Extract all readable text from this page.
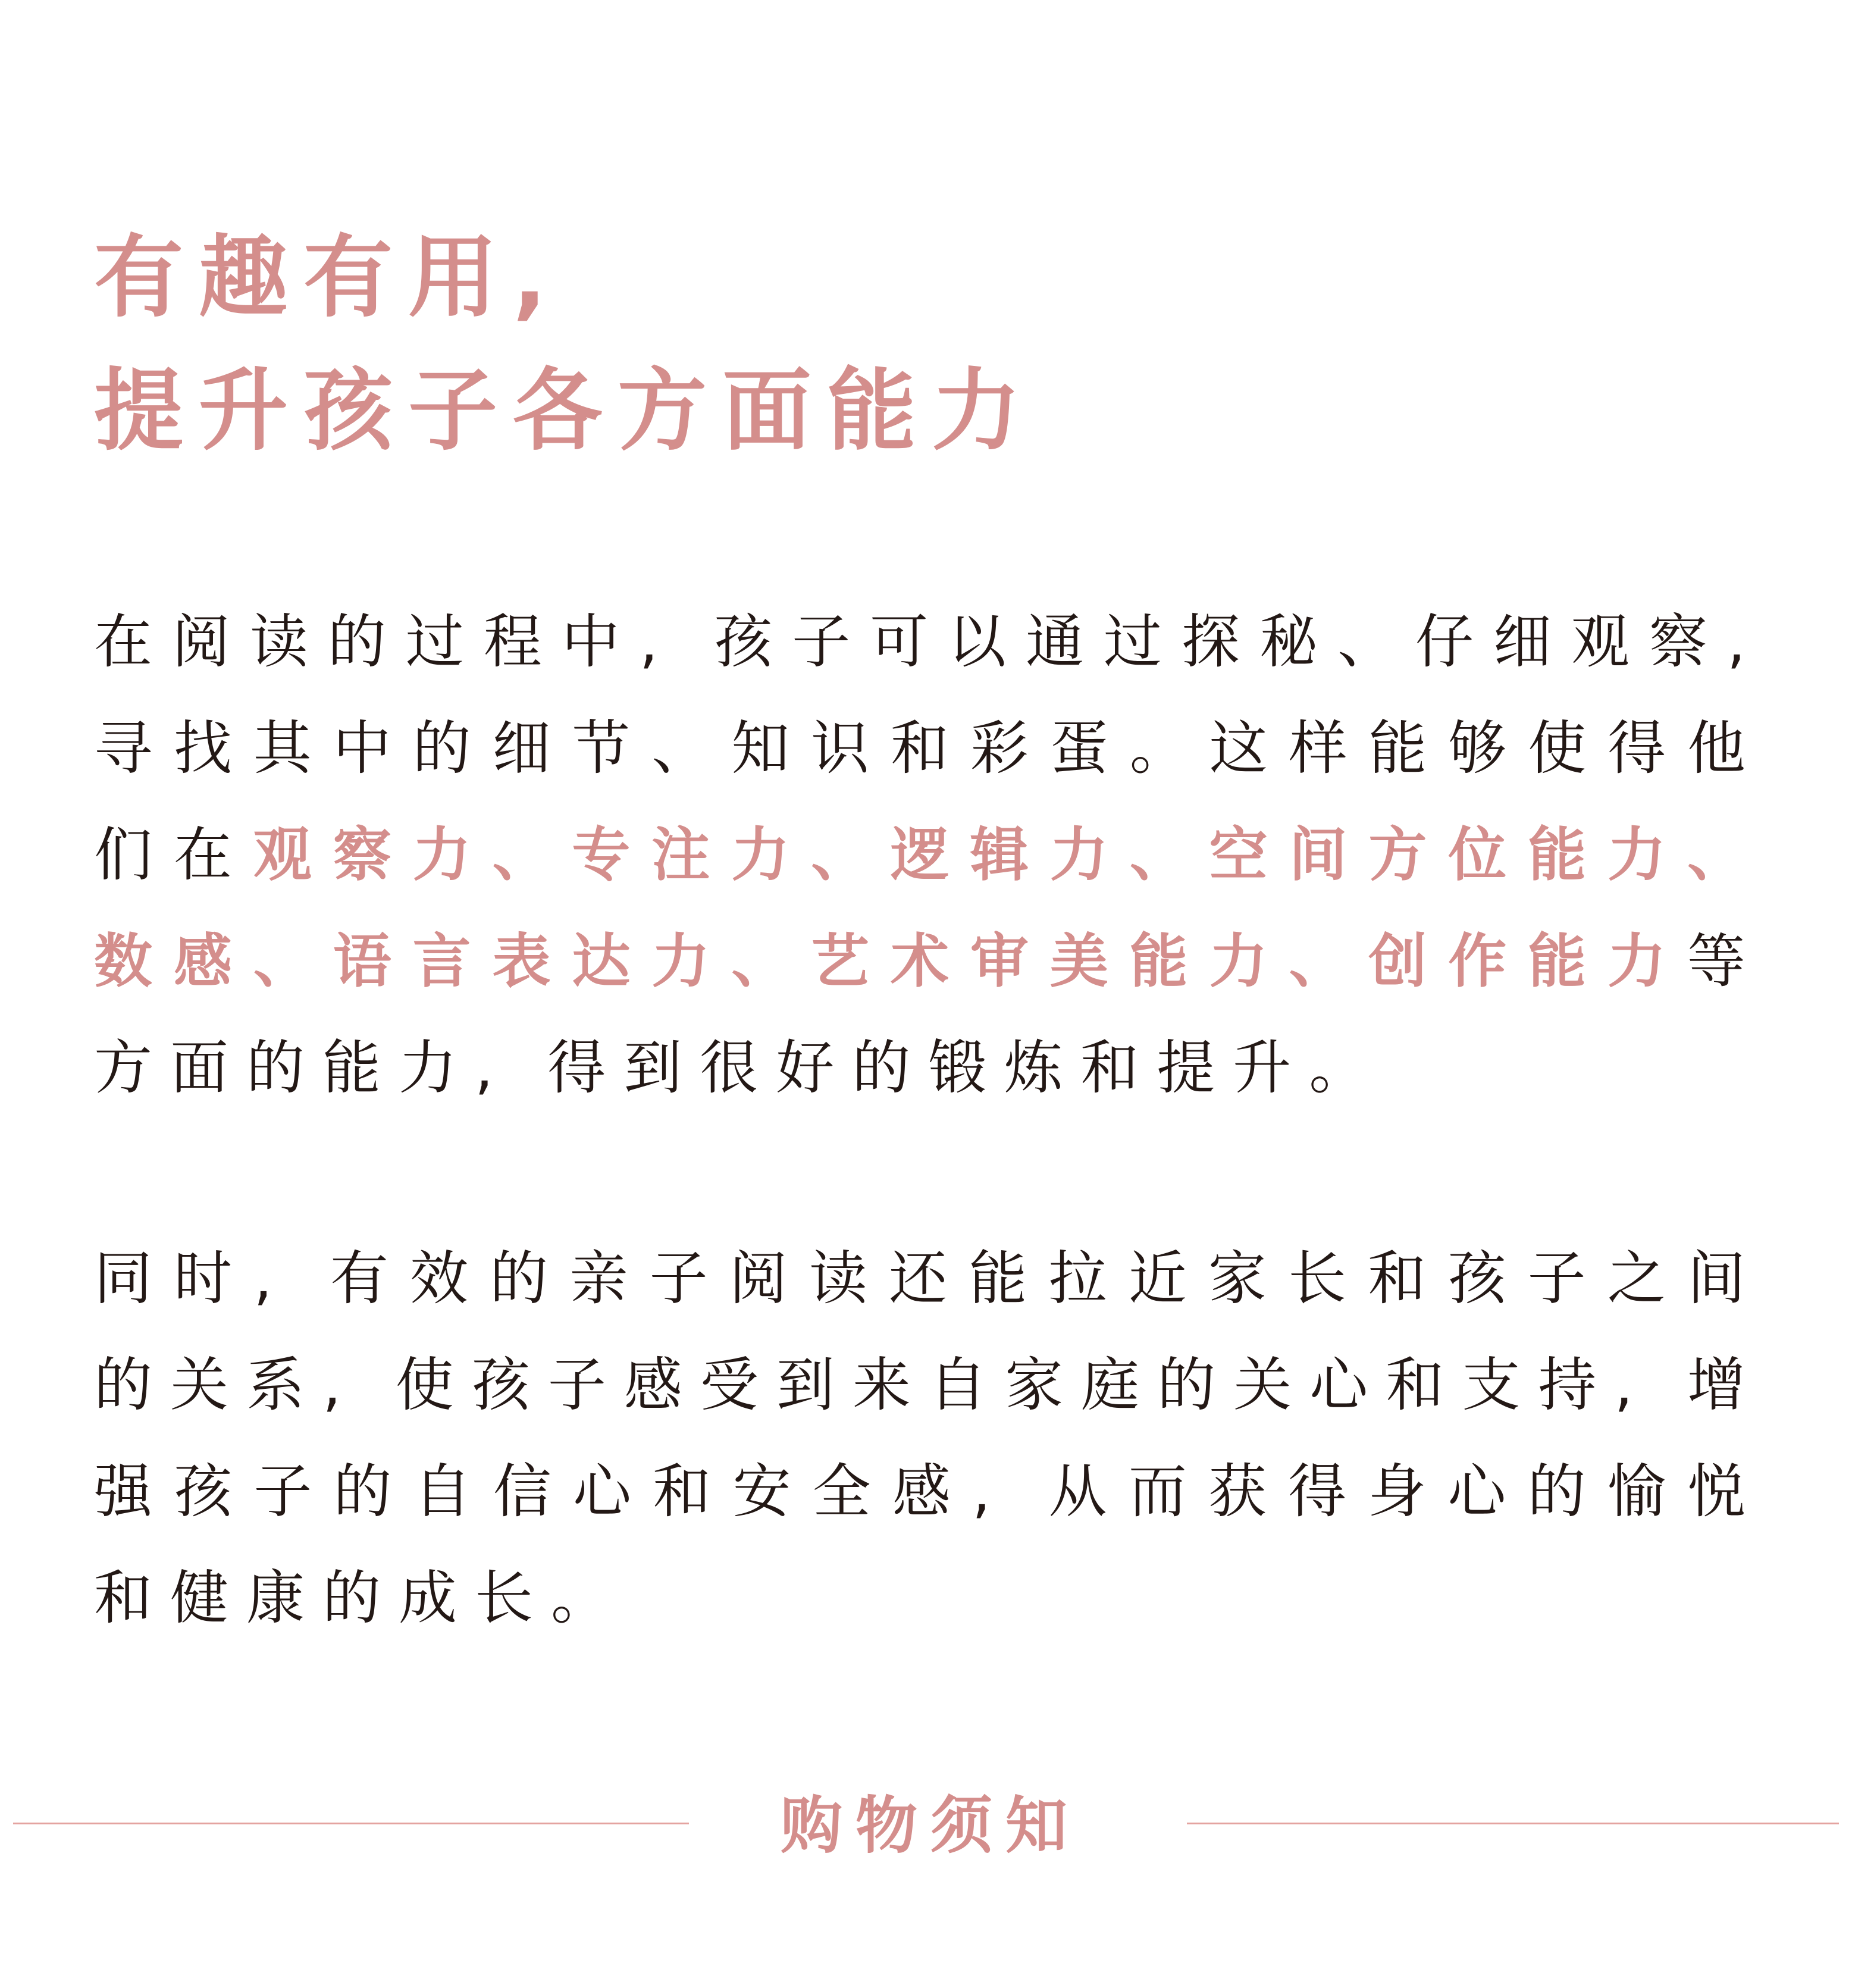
有趣有用,
提升孩子各方面能力

在阅读的过程中, 孩子可以通过探秘、仔细观察, 寻找其中的细节、知识和彩蛋。这样能够使得他们在观察力、专注力、逻辑力、空间方位能力、数感、语言表达力、艺术审美能力、创作能力等方面的能力, 得到很好的锻炼和提升。

同时, 有效的亲子阅读还能拉近家长和孩子之间的关系, 使孩子感受到来自家庭的关心和支持, 增强孩子的自信心和安全感, 从而获得身心的愉悦和健康的成长。

购物须知
